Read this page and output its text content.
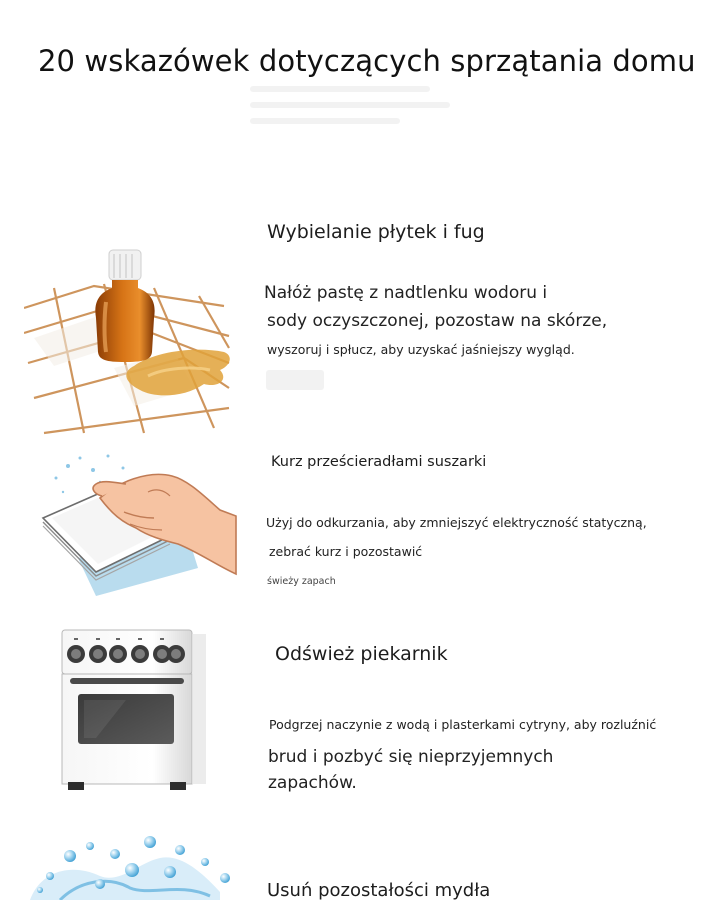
20 wskazówek dotyczących sprzątania domu
Wybielanie płytek i fug
Nałóż pastę z nadtlenku wodoru i
sody oczyszczonej, pozostaw na skórze,
wyszoruj i spłucz, aby uzyskać jaśniejszy wygląd.
Kurz prześcieradłami suszarki
Użyj do odkurzania, aby zmniejszyć elektryczność statyczną,
zebrać kurz i pozostawić
świeży zapach
Odśwież piekarnik
Podgrzej naczynie z wodą i plasterkami cytryny, aby rozluźnić
brud i pozbyć się nieprzyjemnych
zapachów.
Usuń pozostałości mydła
